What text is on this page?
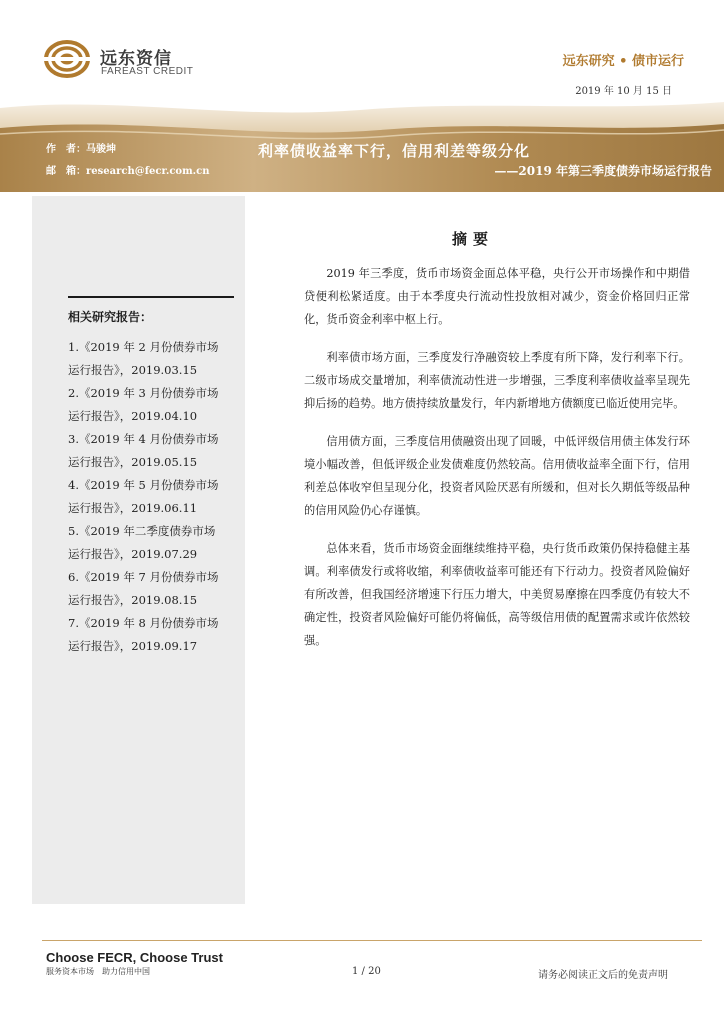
远东资信
FAREAST CREDIT
远东研究 • 债市运行
2019 年 10 月 15 日
作　者：马骏坤
邮　箱：research@fecr.com.cn
利率债收益率下行，信用利差等级分化
——2019 年第三季度债券市场运行报告
相关研究报告：
1.《2019 年 2 月份债券市场
运行报告》，2019.03.15
2.《2019 年 3 月份债券市场
运行报告》，2019.04.10
3.《2019 年 4 月份债券市场
运行报告》，2019.05.15
4.《2019 年 5 月份债券市场
运行报告》，2019.06.11
5.《2019 年二季度债券市场
运行报告》，2019.07.29
6.《2019 年 7 月份债券市场
运行报告》，2019.08.15
7.《2019 年 8 月份债券市场
运行报告》，2019.09.17
摘要

2019 年三季度，货币市场资金面总体平稳，央行公开市场操作和中期借贷便利松紧适度。由于本季度央行流动性投放相对减少，资金价格回归正常化，货币资金利率中枢上行。

利率债市场方面，三季度发行净融资较上季度有所下降，发行利率下行。二级市场成交量增加，利率债流动性进一步增强，三季度利率债收益率呈现先抑后扬的趋势。地方债持续放量发行，年内新增地方债额度已临近使用完毕。

信用债方面，三季度信用债融资出现了回暖，中低评级信用债主体发行环境小幅改善，但低评级企业发债难度仍然较高。信用债收益率全面下行，信用利差总体收窄但呈现分化，投资者风险厌恶有所缓和，但对长久期低等级品种的信用风险仍心存谨慎。

总体来看，货币市场资金面继续维持平稳，央行货币政策仍保持稳健主基调。利率债发行或将收缩，利率债收益率可能还有下行动力。投资者风险偏好有所改善，但我国经济增速下行压力增大，中美贸易摩擦在四季度仍有较大不确定性，投资者风险偏好可能仍将偏低，高等级信用债的配置需求或许依然较强。

Choose FECR, Choose Trust
服务资本市场　助力信用中国	1 / 20	请务必阅读正文后的免责声明
